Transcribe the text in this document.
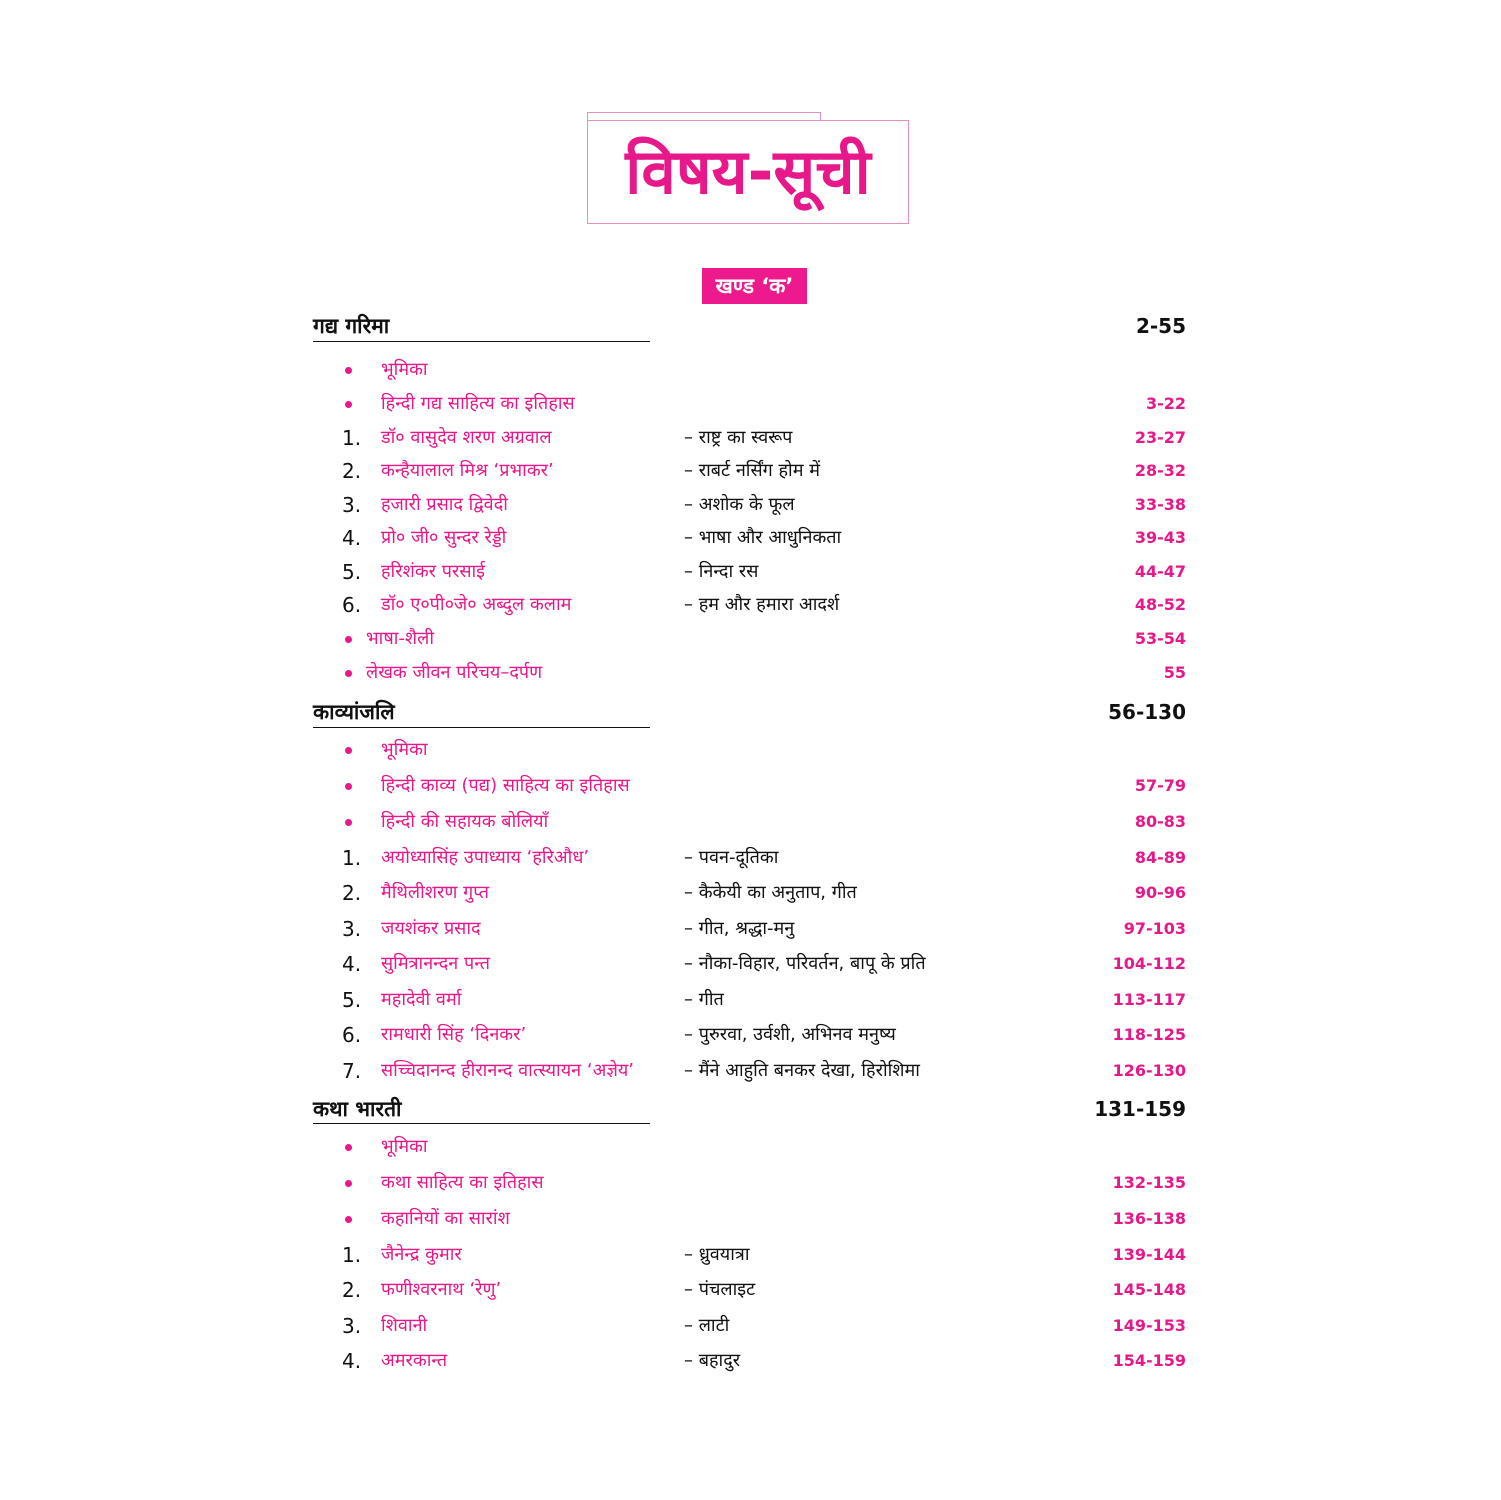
विषय-सूची
खण्ड ‘क’
गद्य गरिमा	2-55
भूमिका
हिन्दी गद्य साहित्य का इतिहास	3-22
1.	डॉ० वासुदेव शरण अग्रवाल	– राष्ट्र का स्वरूप	23-27
2.	कन्हैयालाल मिश्र ‘प्रभाकर’	– राबर्ट नर्सिंग होम में	28-32
3.	हजारी प्रसाद द्विवेदी	– अशोक के फूल	33-38
4.	प्रो० जी० सुन्दर रेड्डी	– भाषा और आधुनिकता	39-43
5.	हरिशंकर परसाई	– निन्दा रस	44-47
6.	डॉ० ए०पी०जे० अब्दुल कलाम	– हम और हमारा आदर्श	48-52
भाषा-शैली	53-54
लेखक जीवन परिचय–दर्पण	55
काव्यांजलि	56-130
भूमिका
हिन्दी काव्य (पद्य) साहित्य का इतिहास	57-79
हिन्दी की सहायक बोलियाँ	80-83
1.	अयोध्यासिंह उपाध्याय ‘हरिऔध’	– पवन-दूतिका	84-89
2.	मैथिलीशरण गुप्त	– कैकेयी का अनुताप, गीत	90-96
3.	जयशंकर प्रसाद	– गीत, श्रद्धा-मनु	97-103
4.	सुमित्रानन्दन पन्त	– नौका-विहार, परिवर्तन, बापू के प्रति	104-112
5.	महादेवी वर्मा	– गीत	113-117
6.	रामधारी सिंह ‘दिनकर’	– पुरुरवा, उर्वशी, अभिनव मनुष्य	118-125
7.	सच्चिदानन्द हीरानन्द वात्स्यायन ‘अज्ञेय’	– मैंने आहुति बनकर देखा, हिरोशिमा	126-130
कथा भारती	131-159
भूमिका
कथा साहित्य का इतिहास	132-135
कहानियों का सारांश	136-138
1.	जैनेन्द्र कुमार	– ध्रुवयात्रा	139-144
2.	फणीश्वरनाथ ‘रेणु’	– पंचलाइट	145-148
3.	शिवानी	– लाटी	149-153
4.	अमरकान्त	– बहादुर	154-159
